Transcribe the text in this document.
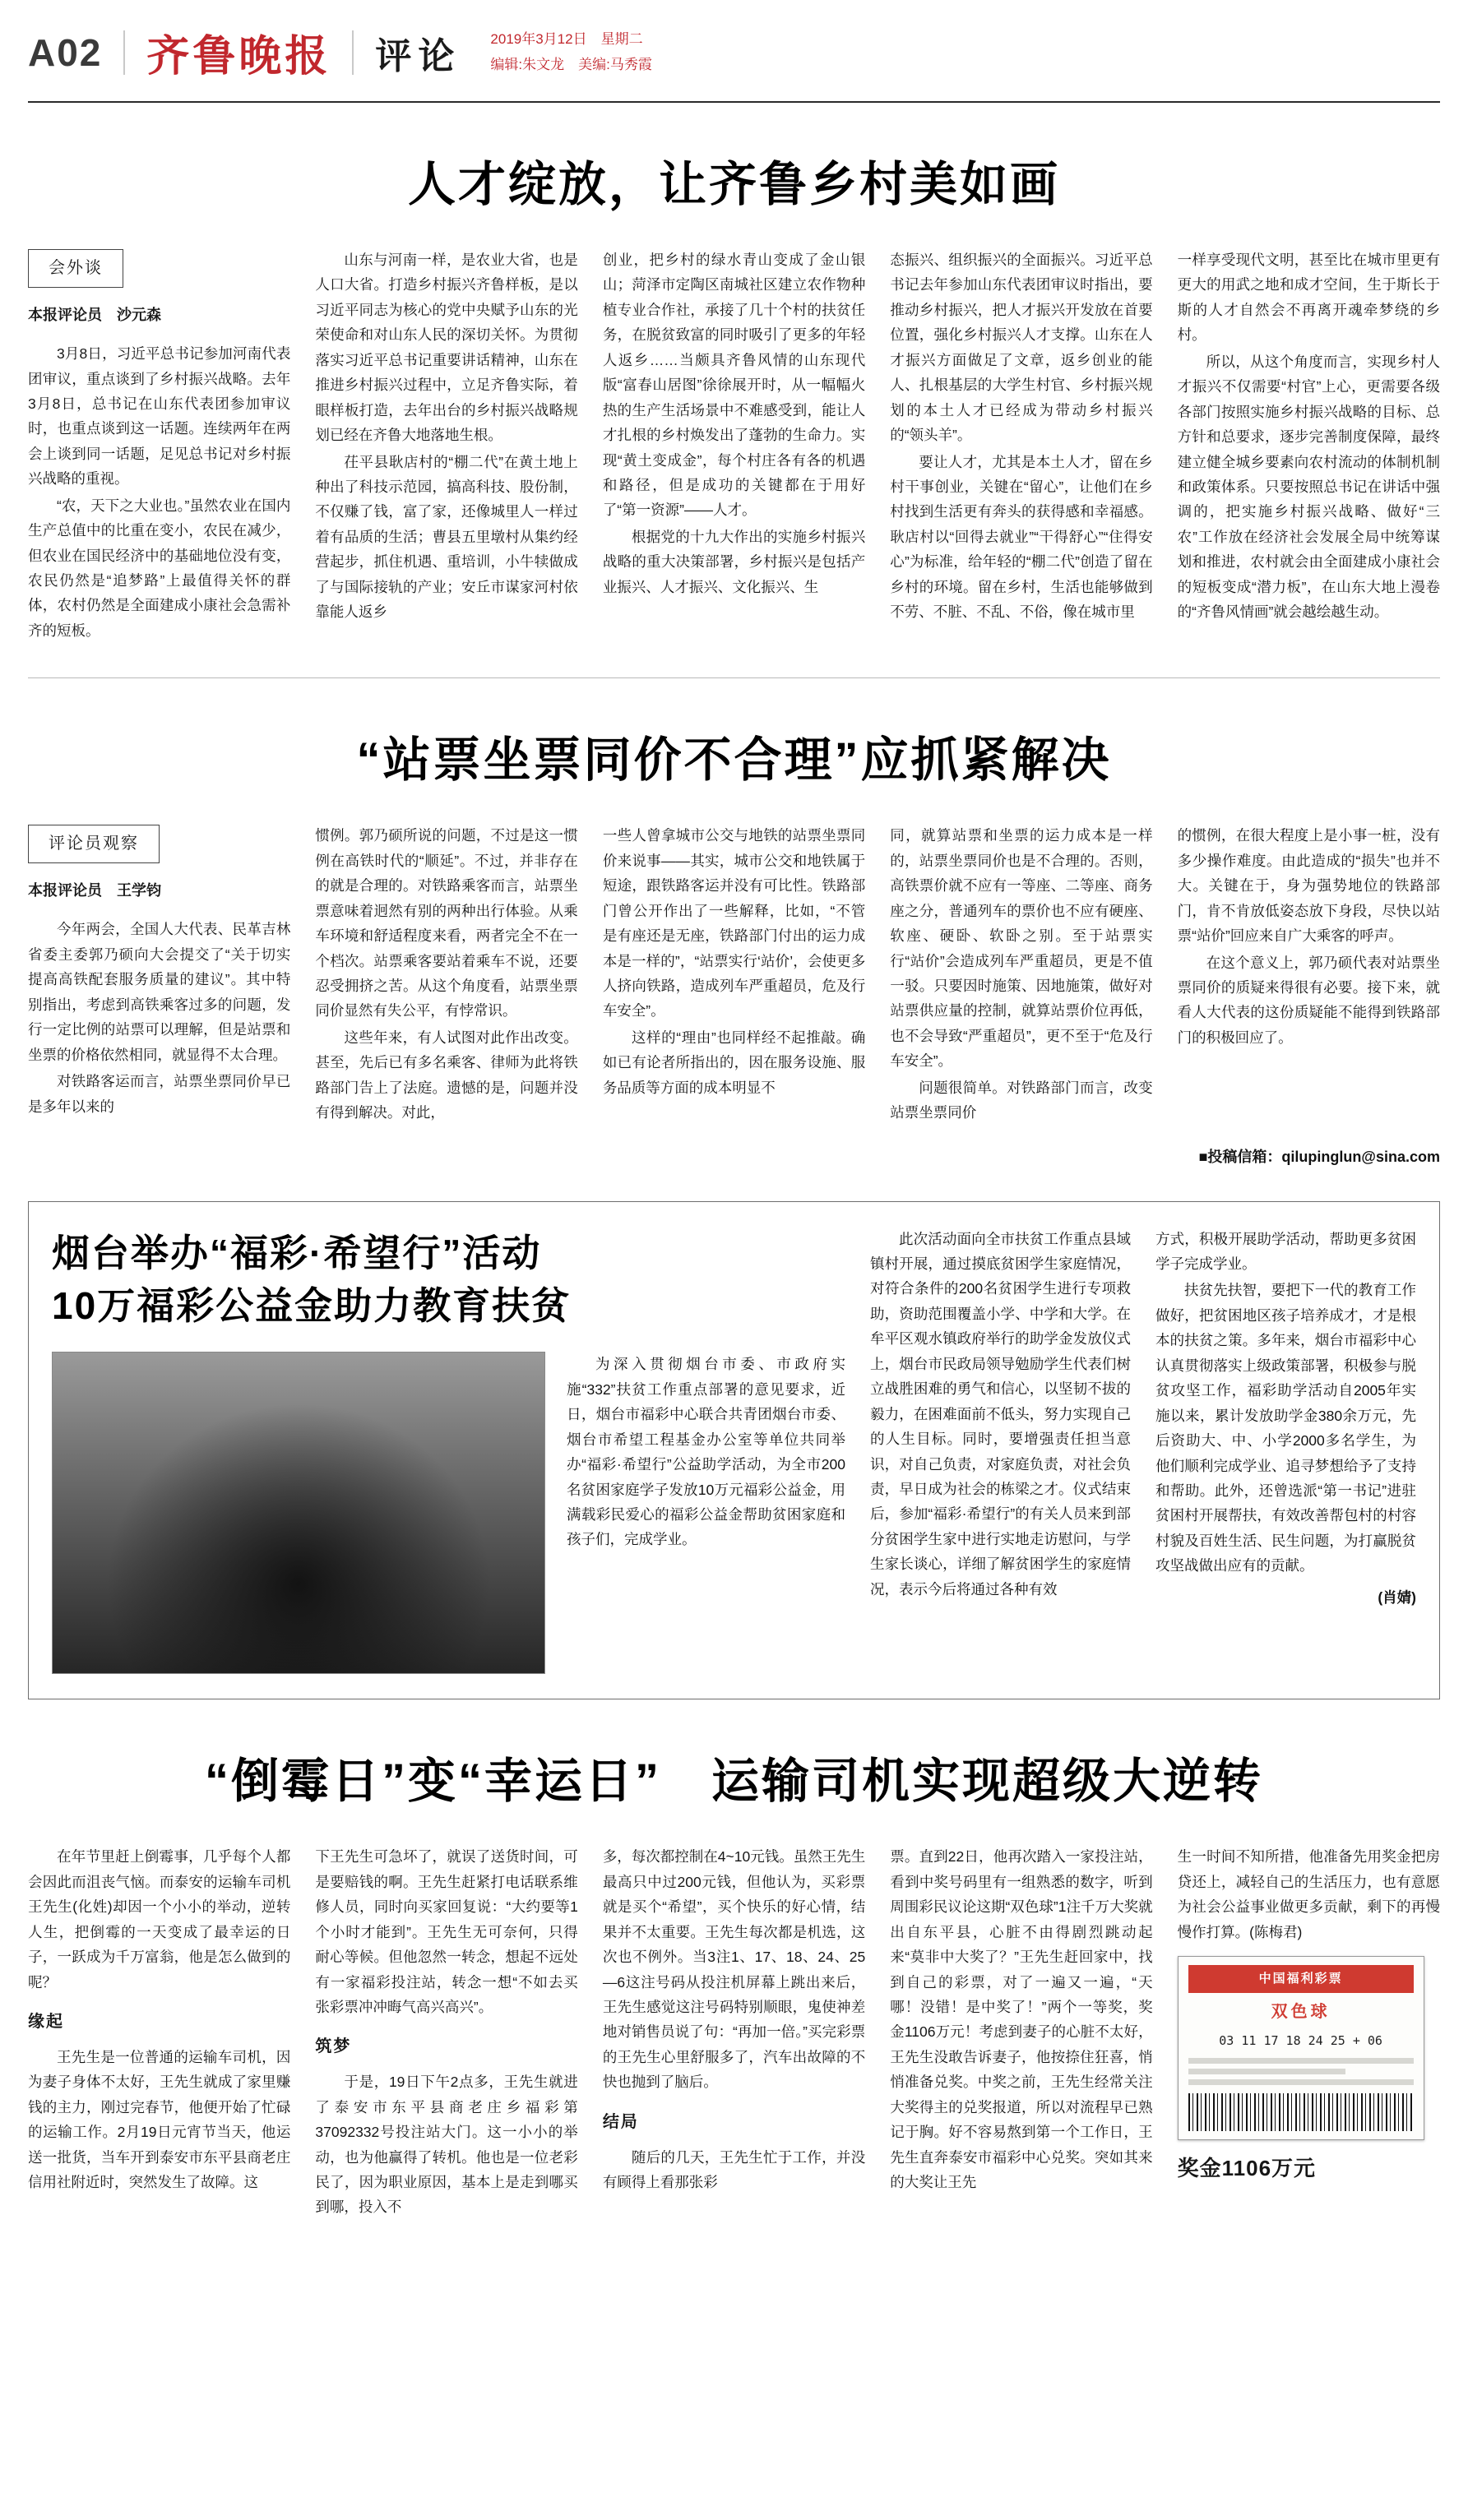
A02 齐鲁晚报 评论 2019年3月12日　星期二
编辑:朱文龙　美编:马秀霞
人才绽放，让齐鲁乡村美如画
会外谈
本报评论员　沙元森

3月8日，习近平总书记参加河南代表团审议，重点谈到了乡村振兴战略。去年3月8日，总书记在山东代表团参加审议时，也重点谈到这一话题。连续两年在两会上谈到同一话题，足见总书记对乡村振兴战略的重视。

“农，天下之大业也。”虽然农业在国内生产总值中的比重在变小，农民在减少，但农业在国民经济中的基础地位没有变，农民仍然是“追梦路”上最值得关怀的群体，农村仍然是全面建成小康社会急需补齐的短板。

山东与河南一样，是农业大省，也是人口大省。打造乡村振兴齐鲁样板，是以习近平同志为核心的党中央赋予山东的光荣使命和对山东人民的深切关怀。为贯彻落实习近平总书记重要讲话精神，山东在推进乡村振兴过程中，立足齐鲁实际，着眼样板打造，去年出台的乡村振兴战略规划已经在齐鲁大地落地生根。

茌平县耿店村的“棚二代”在黄土地上种出了科技示范园，搞高科技、股份制，不仅赚了钱，富了家，还像城里人一样过着有品质的生活；曹县五里墩村从集约经营起步，抓住机遇、重培训，小牛犊做成了与国际接轨的产业；安丘市谋家河村依靠能人返乡

创业，把乡村的绿水青山变成了金山银山；菏泽市定陶区南城社区建立农作物种植专业合作社，承接了几十个村的扶贫任务，在脱贫致富的同时吸引了更多的年轻人返乡……当颇具齐鲁风情的山东现代版“富春山居图”徐徐展开时，从一幅幅火热的生产生活场景中不难感受到，能让人才扎根的乡村焕发出了蓬勃的生命力。实现“黄土变成金”，每个村庄各有各的机遇和路径，但是成功的关键都在于用好了“第一资源”——人才。

根据党的十九大作出的实施乡村振兴战略的重大决策部署，乡村振兴是包括产业振兴、人才振兴、文化振兴、生

态振兴、组织振兴的全面振兴。习近平总书记去年参加山东代表团审议时指出，要推动乡村振兴，把人才振兴开发放在首要位置，强化乡村振兴人才支撑。山东在人才振兴方面做足了文章，返乡创业的能人、扎根基层的大学生村官、乡村振兴规划的本土人才已经成为带动乡村振兴的“领头羊”。

要让人才，尤其是本土人才，留在乡村干事创业，关键在“留心”，让他们在乡村找到生活更有奔头的获得感和幸福感。耿店村以“回得去就业”“干得舒心”“住得安心”为标准，给年轻的“棚二代”创造了留在乡村的环境。留在乡村，生活也能够做到不劳、不脏、不乱、不俗，像在城市里

一样享受现代文明，甚至比在城市里更有更大的用武之地和成才空间，生于斯长于斯的人才自然会不再离开魂牵梦绕的乡村。

所以，从这个角度而言，实现乡村人才振兴不仅需要“村官”上心，更需要各级各部门按照实施乡村振兴战略的目标、总方针和总要求，逐步完善制度保障，最终建立健全城乡要素向农村流动的体制机制和政策体系。只要按照总书记在讲话中强调的，把实施乡村振兴战略、做好“三农”工作放在经济社会发展全局中统筹谋划和推进，农村就会由全面建成小康社会的短板变成“潜力板”，在山东大地上漫卷的“齐鲁风情画”就会越绘越生动。

“站票坐票同价不合理”应抓紧解决
评论员观察
本报评论员　王学钧

今年两会，全国人大代表、民革吉林省委主委郭乃硕向大会提交了“关于切实提高高铁配套服务质量的建议”。其中特别指出，考虑到高铁乘客过多的问题，发行一定比例的站票可以理解，但是站票和坐票的价格依然相同，就显得不太合理。

对铁路客运而言，站票坐票同价早已是多年以来的

惯例。郭乃硕所说的问题，不过是这一惯例在高铁时代的“顺延”。不过，并非存在的就是合理的。对铁路乘客而言，站票坐票意味着迥然有别的两种出行体验。从乘车环境和舒适程度来看，两者完全不在一个档次。站票乘客要站着乘车不说，还要忍受拥挤之苦。从这个角度看，站票坐票同价显然有失公平，有悖常识。

这些年来，有人试图对此作出改变。甚至，先后已有多名乘客、律师为此将铁路部门告上了法庭。遗憾的是，问题并没有得到解决。对此，

一些人曾拿城市公交与地铁的站票坐票同价来说事——其实，城市公交和地铁属于短途，跟铁路客运并没有可比性。铁路部门曾公开作出了一些解释，比如，“不管是有座还是无座，铁路部门付出的运力成本是一样的”，“站票实行‘站价’，会使更多人挤向铁路，造成列车严重超员，危及行车安全”。

这样的“理由”也同样经不起推敲。确如已有论者所指出的，因在服务设施、服务品质等方面的成本明显不

同，就算站票和坐票的运力成本是一样的，站票坐票同价也是不合理的。否则，高铁票价就不应有一等座、二等座、商务座之分，普通列车的票价也不应有硬座、软座、硬卧、软卧之别。至于站票实行“站价”会造成列车严重超员，更是不值一驳。只要因时施策、因地施策，做好对站票供应量的控制，就算站票价位再低，也不会导致“严重超员”，更不至于“危及行车安全”。

问题很简单。对铁路部门而言，改变站票坐票同价

的惯例，在很大程度上是小事一桩，没有多少操作难度。由此造成的“损失”也并不大。关键在于，身为强势地位的铁路部门，肯不肯放低姿态放下身段，尽快以站票“站价”回应来自广大乘客的呼声。

在这个意义上，郭乃硕代表对站票坐票同价的质疑来得很有必要。接下来，就看人大代表的这份质疑能不能得到铁路部门的积极回应了。

■投稿信箱：qilupinglun@sina.com
烟台举办“福彩·希望行”活动
10万福彩公益金助力教育扶贫

为深入贯彻烟台市委、市政府实施“332”扶贫工作重点部署的意见要求，近日，烟台市福彩中心联合共青团烟台市委、烟台市希望工程基金办公室等单位共同举办“福彩·希望行”公益助学活动，为全市200名贫困家庭学子发放10万元福彩公益金，用满载彩民爱心的福彩公益金帮助贫困家庭和孩子们，完成学业。

此次活动面向全市扶贫工作重点县域镇村开展，通过摸底贫困学生家庭情况，对符合条件的200名贫困学生进行专项救助，资助范围覆盖小学、中学和大学。在牟平区观水镇政府举行的助学金发放仪式上，烟台市民政局领导勉励学生代表们树立战胜困难的勇气和信心，以坚韧不拔的毅力，在困难面前不低头，努力实现自己的人生目标。同时，要增强责任担当意识，对自己负责，对家庭负责，对社会负责，早日成为社会的栋梁之才。仪式结束后，参加“福彩·希望行”的有关人员来到部分贫困学生家中进行实地走访慰问，与学生家长谈心，详细了解贫困学生的家庭情况，表示今后将通过各种有效

方式，积极开展助学活动，帮助更多贫困学子完成学业。

扶贫先扶智，要把下一代的教育工作做好，把贫困地区孩子培养成才，才是根本的扶贫之策。多年来，烟台市福彩中心认真贯彻落实上级政策部署，积极参与脱贫攻坚工作，福彩助学活动自2005年实施以来，累计发放助学金380余万元，先后资助大、中、小学2000多名学生，为他们顺利完成学业、追寻梦想给予了支持和帮助。此外，还曾选派“第一书记”进驻贫困村开展帮扶，有效改善帮包村的村容村貌及百姓生活、民生问题，为打赢脱贫攻坚战做出应有的贡献。

(肖婧)
“倒霉日”变“幸运日”　运输司机实现超级大逆转

在年节里赶上倒霉事，几乎每个人都会因此而沮丧气恼。而泰安的运输车司机王先生(化姓)却因一个小小的举动，逆转人生，把倒霉的一天变成了最幸运的日子，一跃成为千万富翁，他是怎么做到的呢？

缘起

王先生是一位普通的运输车司机，因为妻子身体不太好，王先生就成了家里赚钱的主力，刚过完春节，他便开始了忙碌的运输工作。2月19日元宵节当天，他运送一批货，当车开到泰安市东平县商老庄信用社附近时，突然发生了故障。这

下王先生可急坏了，就误了送货时间，可是要赔钱的啊。王先生赶紧打电话联系维修人员，同时向买家回复说：“大约要等1个小时才能到”。王先生无可奈何，只得耐心等候。但他忽然一转念，想起不远处有一家福彩投注站，转念一想“不如去买张彩票冲冲晦气高兴高兴”。

筑梦

于是，19日下午2点多，王先生就进了泰安市东平县商老庄乡福彩第37092332号投注站大门。这一小小的举动，也为他赢得了转机。他也是一位老彩民了，因为职业原因，基本上是走到哪买到哪，投入不

多，每次都控制在4~10元钱。虽然王先生最高只中过200元钱，但他认为，买彩票就是买个“希望”，买个快乐的好心情，结果并不太重要。王先生每次都是机选，这次也不例外。当3注1、17、18、24、25—6这注号码从投注机屏幕上跳出来后，王先生感觉这注号码特别顺眼，鬼使神差地对销售员说了句：“再加一倍。”买完彩票的王先生心里舒服多了，汽车出故障的不快也抛到了脑后。

结局

随后的几天，王先生忙于工作，并没有顾得上看那张彩

票。直到22日，他再次踏入一家投注站，看到中奖号码里有一组熟悉的数字，听到周围彩民议论这期“双色球”1注千万大奖就出自东平县，心脏不由得剧烈跳动起来“莫非中大奖了？”王先生赶回家中，找到自己的彩票，对了一遍又一遍，“天哪！没错！是中奖了！”两个一等奖，奖金1106万元！考虑到妻子的心脏不太好，王先生没敢告诉妻子，他按捺住狂喜，悄悄准备兑奖。中奖之前，王先生经常关注大奖得主的兑奖报道，所以对流程早已熟记于胸。好不容易熬到第一个工作日，王先生直奔泰安市福彩中心兑奖。突如其来的大奖让王先

生一时间不知所措，他准备先用奖金把房贷还上，减轻自己的生活压力，也有意愿为社会公益事业做更多贡献，剩下的再慢慢作打算。(陈梅君)

中国福利彩票
双色球
03 11 17 18 24 25 + 06
奖金1106万元
